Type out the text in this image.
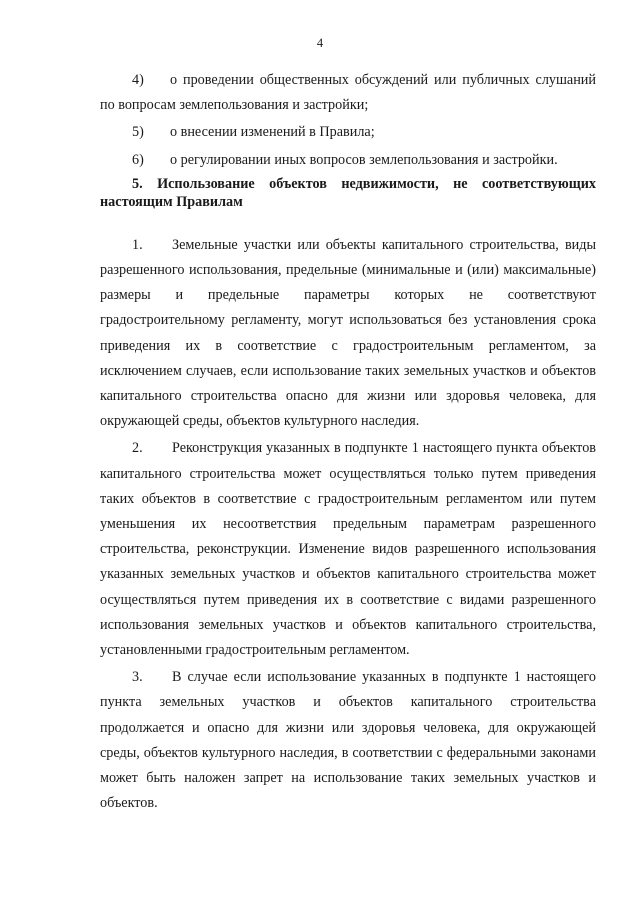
4

4) о проведении общественных обсуждений или публичных слушаний по вопросам землепользования и застройки;

5) о внесении изменений в Правила;

6) о регулировании иных вопросов землепользования и застройки.

5. Использование объектов недвижимости, не соответствующих настоящим Правилам

1. Земельные участки или объекты капитального строительства, виды разрешенного использования, предельные (минимальные и (или) максимальные) размеры и предельные параметры которых не соответствуют градостроительному регламенту, могут использоваться без установления срока приведения их в соответствие с градостроительным регламентом, за исключением случаев, если использование таких земельных участков и объектов капитального строительства опасно для жизни или здоровья человека, для окружающей среды, объектов культурного наследия.

2. Реконструкция указанных в подпункте 1 настоящего пункта объектов капитального строительства может осуществляться только путем приведения таких объектов в соответствие с градостроительным регламентом или путем уменьшения их несоответствия предельным параметрам разрешенного строительства, реконструкции. Изменение видов разрешенного использования указанных земельных участков и объектов капитального строительства может осуществляться путем приведения их в соответствие с видами разрешенного использования земельных участков и объектов капитального строительства, установленными градостроительным регламентом.

3. В случае если использование указанных в подпункте 1 настоящего пункта земельных участков и объектов капитального строительства продолжается и опасно для жизни или здоровья человека, для окружающей среды, объектов культурного наследия, в соответствии с федеральными законами может быть наложен запрет на использование таких земельных участков и объектов.
